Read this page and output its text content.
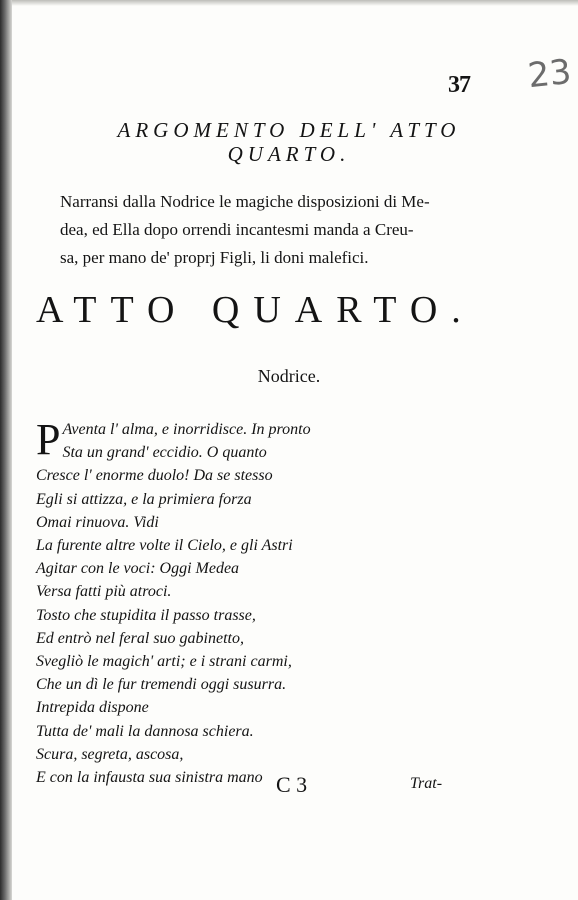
37	23
ARGOMENTO DELL' ATTO
QUARTO.
Narransi dalla Nodrice le magiche disposizioni di Me-
dea, ed Ella dopo orrendi incantesmi manda a Creu-
sa, per mano de' proprj Figli, li doni malefici.
ATTO QUARTO.
Nodrice.
P Aventa l' alma, e inorridisce. In pronto
Sta un grand' eccidio. O quanto
Cresce l' enorme duolo! Da se stesso
Egli si attizza, e la primiera forza
Omai rinuova. Vidi
La furente altre volte il Cielo, e gli Astri
Agitar con le voci: Oggi Medea
Versa fatti più atroci.
Tosto che stupidita il passo trasse,
Ed entrò nel feral suo gabinetto,
Svegliò le magich' arti; e i strani carmi,
Che un dì le fur tremendi oggi susurra.
Intrepida dispone
Tutta de' mali la dannosa schiera.
Scura, segreta, ascosa,
E con la infausta sua sinistra mano C 3	Trat-
